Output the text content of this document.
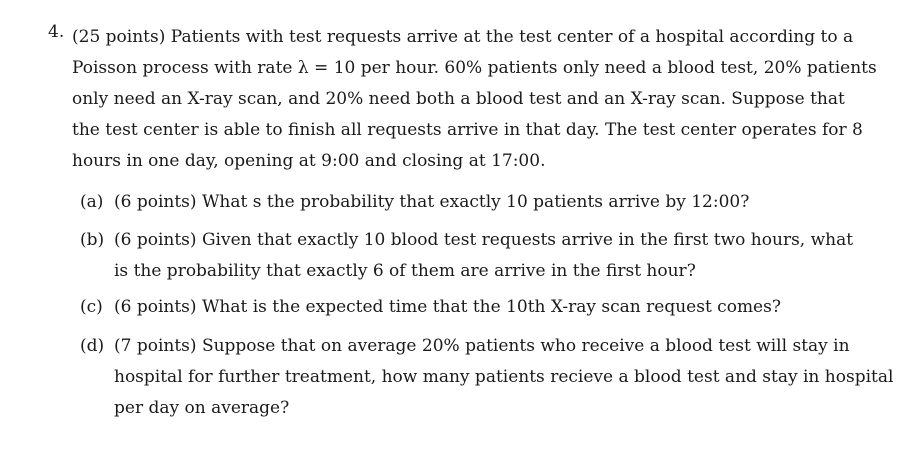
4. (25 points) Patients with test requests arrive at the test center of a hospital according to a
Poisson process with rate λ = 10 per hour. 60% patients only need a blood test, 20% patients
only need an X-ray scan, and 20% need both a blood test and an X-ray scan. Suppose that
the test center is able to finish all requests arrive in that day. The test center operates for 8
hours in one day, opening at 9:00 and closing at 17:00.
(a) (6 points) What s the probability that exactly 10 patients arrive by 12:00?
(b) (6 points) Given that exactly 10 blood test requests arrive in the first two hours, what
is the probability that exactly 6 of them are arrive in the first hour?
(c) (6 points) What is the expected time that the 10th X-ray scan request comes?
(d) (7 points) Suppose that on average 20% patients who receive a blood test will stay in
hospital for further treatment, how many patients recieve a blood test and stay in hospital
per day on average?
